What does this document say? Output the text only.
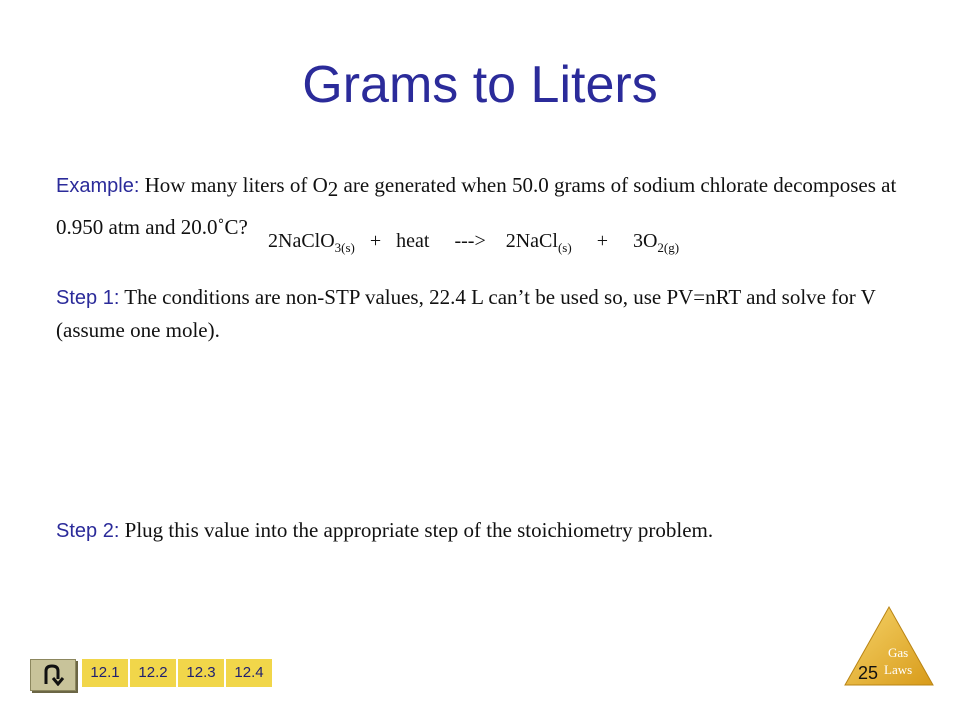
Grams to Liters
Example: How many liters of $O_2$ are generated when 50.0 grams of sodium chlorate decomposes at 0.950 atm and 20.0˚C?
2NaClO$_{3(s)}$   +   heat     --->    2NaCl$_{(s)}$     +     $3O_{2(g)}$
Step 1: The conditions are non-STP values, 22.4 L can’t be used so, use PV=nRT and solve for V (assume one mole).
Step 2: Plug this value into the appropriate step of the stoichiometry problem.
12.1	12.2	12.3	12.4
Gas
Laws
25
